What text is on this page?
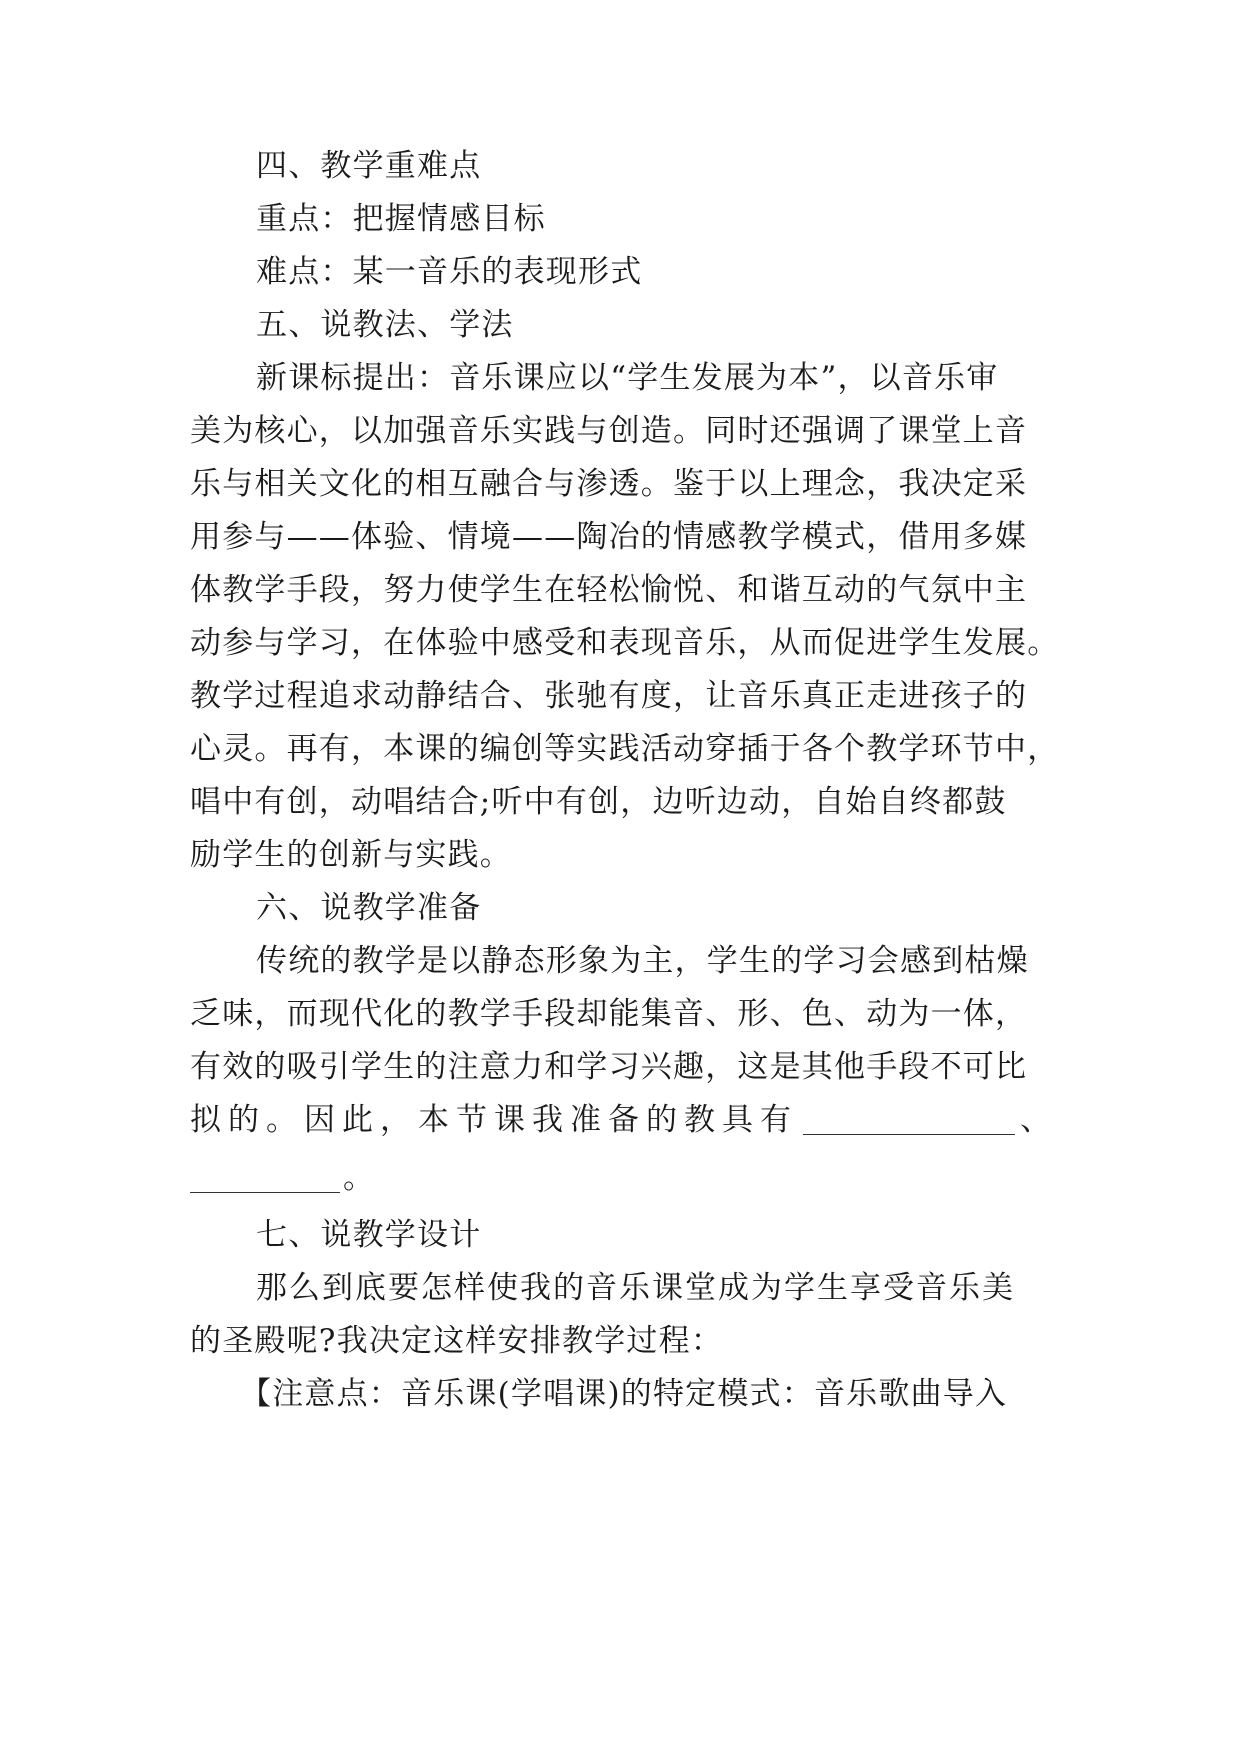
四、教学重难点
重点：把握情感目标
难点：某一音乐的表现形式
五、说教法、学法
新课标提出：音乐课应以“学生发展为本”，以音乐审
美为核心，以加强音乐实践与创造。同时还强调了课堂上音
乐与相关文化的相互融合与渗透。鉴于以上理念，我决定采
用参与——体验、情境——陶冶的情感教学模式，借用多媒
体教学手段，努力使学生在轻松愉悦、和谐互动的气氛中主
动参与学习，在体验中感受和表现音乐，从而促进学生发展。
教学过程追求动静结合、张驰有度，让音乐真正走进孩子的
心灵。再有，本课的编创等实践活动穿插于各个教学环节中，
唱中有创，动唱结合;听中有创，边听边动，自始自终都鼓
励学生的创新与实践。
六、说教学准备
传统的教学是以静态形象为主，学生的学习会感到枯燥
乏味，而现代化的教学手段却能集音、形、色、动为一体，
有效的吸引学生的注意力和学习兴趣，这是其他手段不可比
拟的。因此，本节课我准备的教具有	、
。
七、说教学设计
那么到底要怎样使我的音乐课堂成为学生享受音乐美
的圣殿呢?我决定这样安排教学过程：
【注意点：音乐课(学唱课)的特定模式：音乐歌曲导入
